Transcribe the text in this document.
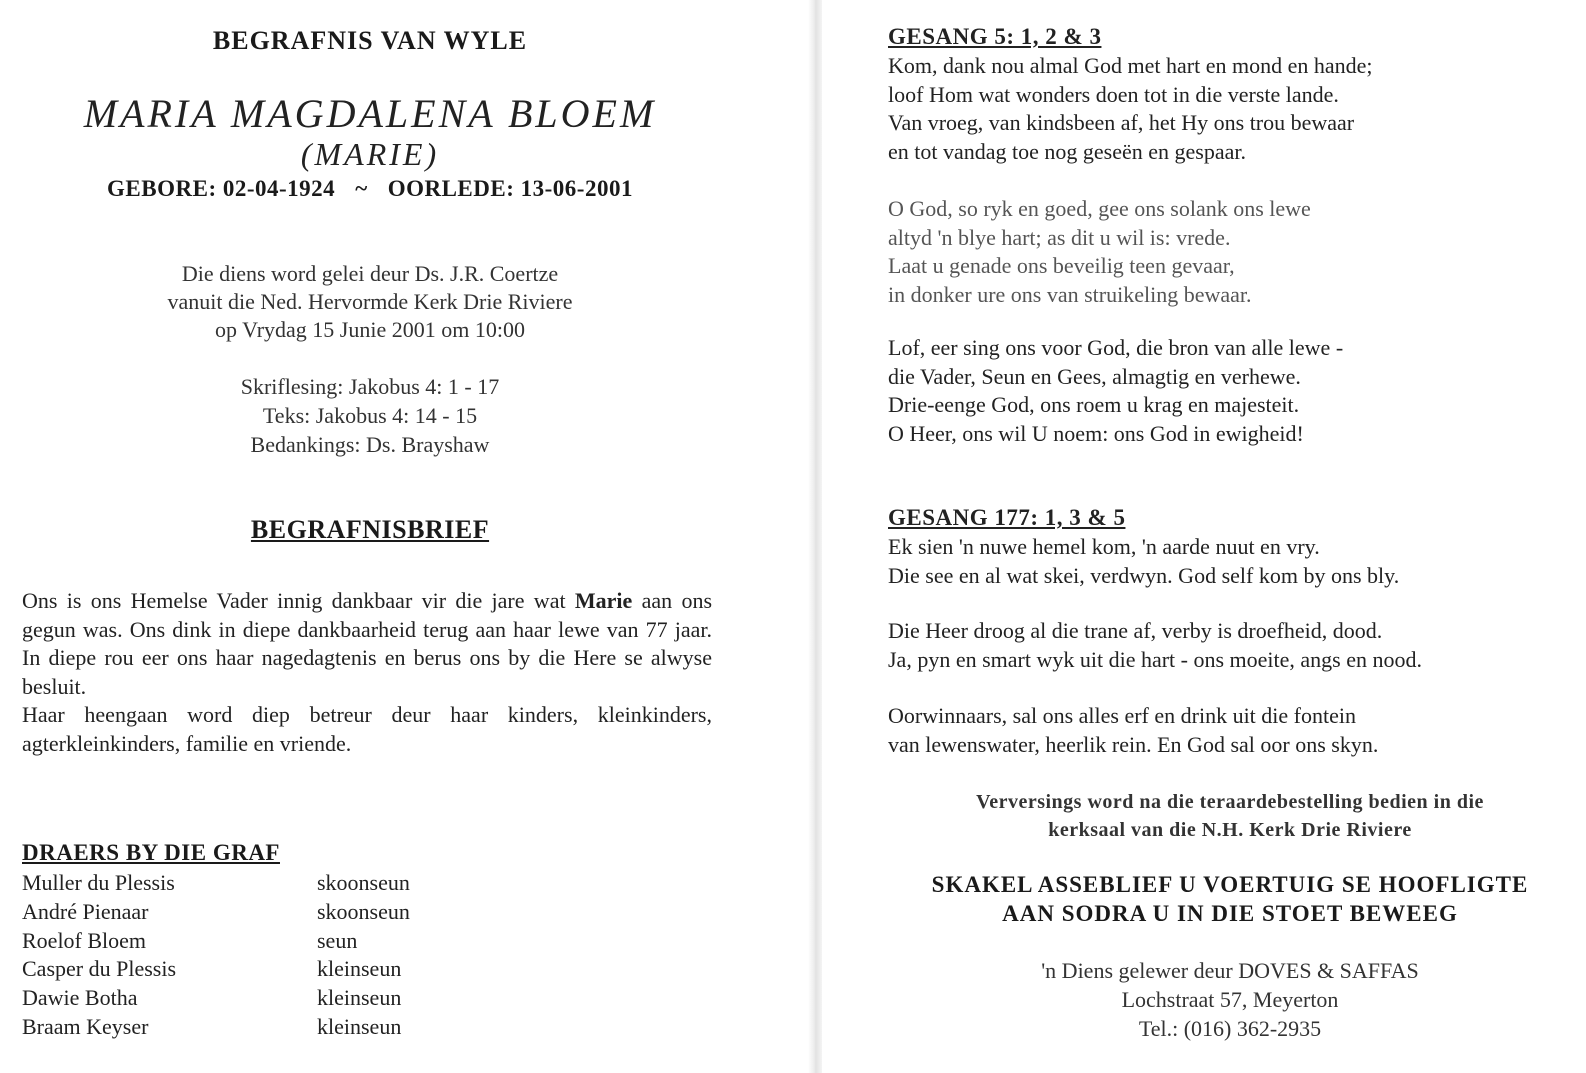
BEGRAFNIS VAN WYLE
MARIA MAGDALENA BLOEM
(MARIE)
GEBORE: 02-04-1924 ~ OORLEDE: 13-06-2001
Die diens word gelei deur Ds. J.R. Coertze
vanuit die Ned. Hervormde Kerk Drie Riviere
op Vrydag 15 Junie 2001 om 10:00
Skriflesing: Jakobus 4: 1 - 17
Teks: Jakobus 4: 14 - 15
Bedankings: Ds. Brayshaw
BEGRAFNISBRIEF

Ons is ons Hemelse Vader innig dankbaar vir die jare wat Marie aan ons gegun was. Ons dink in diepe dankbaarheid terug aan haar lewe van 77 jaar. In diepe rou eer ons haar nagedagtenis en berus ons by die Here se alwyse besluit.

Haar heengaan word diep betreur deur haar kinders, kleinkinders, agterkleinkinders, familie en vriende.

DRAERS BY DIE GRAF
Muller du Plessis	skoonseun
André Pienaar	skoonseun
Roelof Bloem	seun
Casper du Plessis	kleinseun
Dawie Botha	kleinseun
Braam Keyser	kleinseun
GESANG 5: 1, 2 & 3
Kom, dank nou almal God met hart en mond en hande;
loof Hom wat wonders doen tot in die verste lande.
Van vroeg, van kindsbeen af, het Hy ons trou bewaar
en tot vandag toe nog geseën en gespaar.
O God, so ryk en goed, gee ons solank ons lewe
altyd 'n blye hart; as dit u wil is: vrede.
Laat u genade ons beveilig teen gevaar,
in donker ure ons van struikeling bewaar.
Lof, eer sing ons voor God, die bron van alle lewe -
die Vader, Seun en Gees, almagtig en verhewe.
Drie-eenge God, ons roem u krag en majesteit.
O Heer, ons wil U noem: ons God in ewigheid!
GESANG 177: 1, 3 & 5
Ek sien 'n nuwe hemel kom, 'n aarde nuut en vry.
Die see en al wat skei, verdwyn. God self kom by ons bly.
Die Heer droog al die trane af, verby is droefheid, dood.
Ja, pyn en smart wyk uit die hart - ons moeite, angs en nood.
Oorwinnaars, sal ons alles erf en drink uit die fontein
van lewenswater, heerlik rein. En God sal oor ons skyn.
Verversings word na die teraardebestelling bedien in die
kerksaal van die N.H. Kerk Drie Riviere
SKAKEL ASSEBLIEF U VOERTUIG SE HOOFLIGTE
AAN SODRA U IN DIE STOET BEWEEG
'n Diens gelewer deur DOVES & SAFFAS
Lochstraat 57, Meyerton
Tel.: (016) 362-2935
